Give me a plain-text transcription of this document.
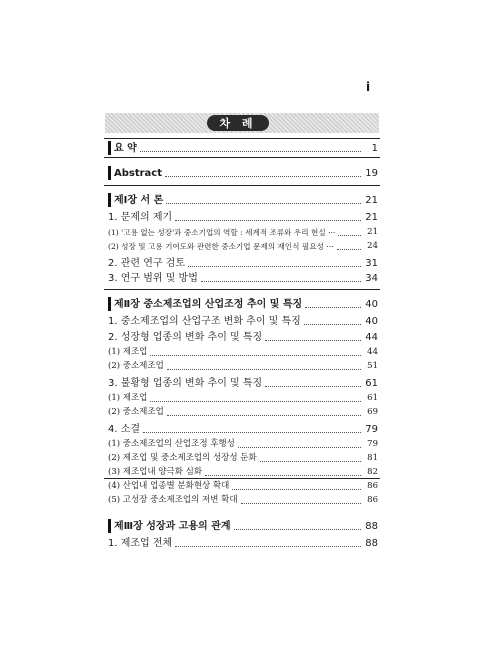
i
차 례
요 약	1
Abstract	19
제Ⅰ장 서 론	21
1. 문제의 제기	21
(1) '고용 없는 성장'과 중소기업의 역할 : 세계적 조류와 우리 현실 ···	21
(2) 성장 및 고용 기여도와 관련한 중소기업 문제의 재인식 필요성 ···	24
2. 관련 연구 검토	31
3. 연구 범위 및 방법	34
제Ⅱ장 중소제조업의 산업조정 추이 및 특징	40
1. 중소제조업의 산업구조 변화 추이 및 특징	40
2. 성장형 업종의 변화 추이 및 특징	44
(1) 제조업	44
(2) 중소제조업	51
3. 불황형 업종의 변화 추이 및 특징	61
(1) 제조업	61
(2) 중소제조업	69
4. 소결	79
(1) 중소제조업의 산업조정 후행성	79
(2) 제조업 및 중소제조업의 성장성 둔화	81
(3) 제조업내 양극화 심화	82
(4) 산업내 업종별 분화현상 확대	86
(5) 고성장 중소제조업의 저변 확대	86
제Ⅲ장 성장과 고용의 관계	88
1. 제조업 전체	88
